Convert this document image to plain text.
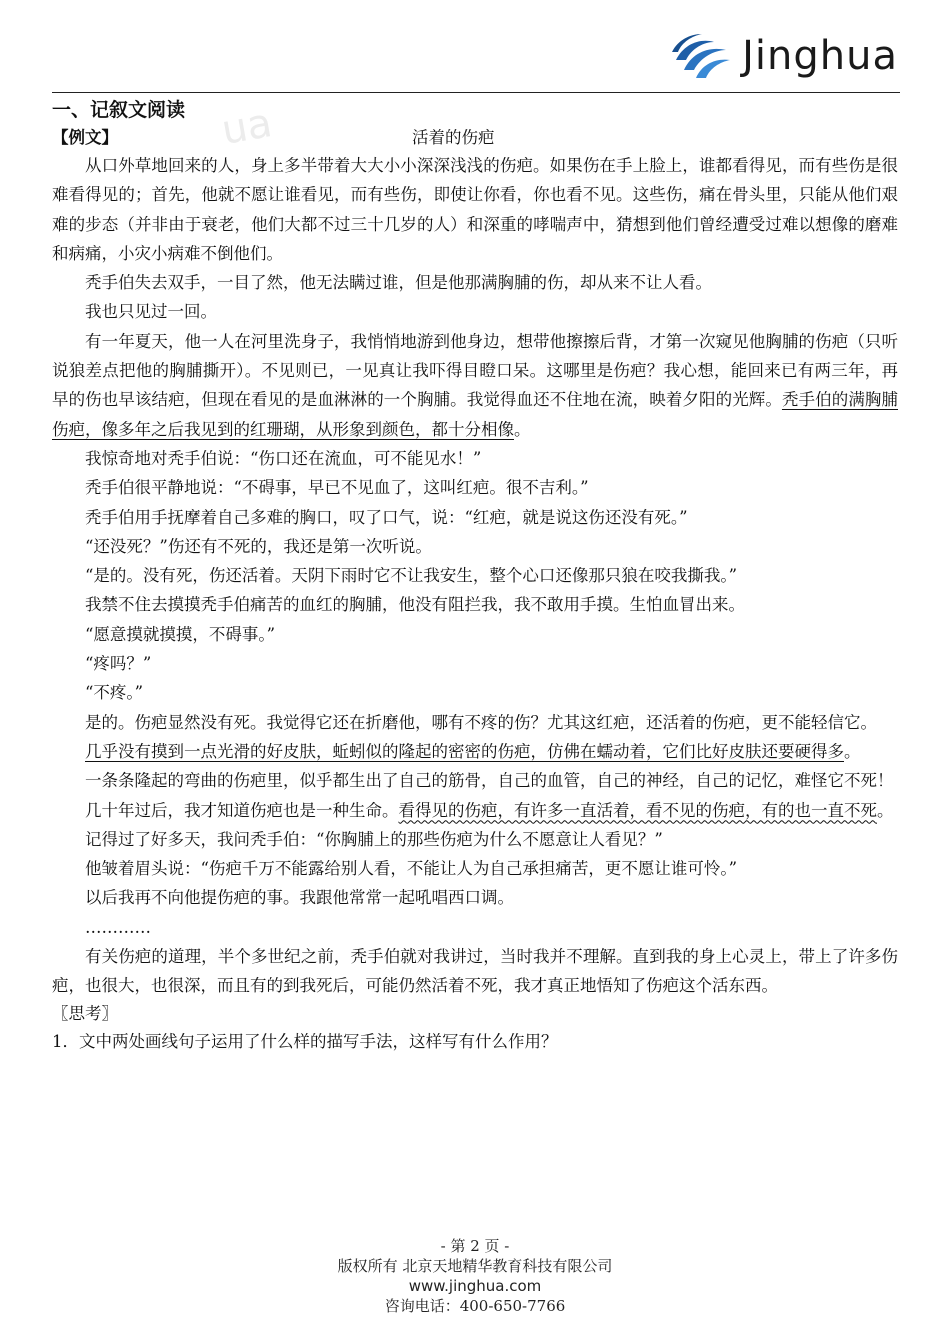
Jinghua
一、记叙文阅读
【例文】	ua	活着的伤疤

从口外草地回来的人，身上多半带着大大小小深深浅浅的伤疤。如果伤在手上脸上，谁都看得见，而有些伤是很难看得见的；首先，他就不愿让谁看见，而有些伤，即使让你看，你也看不见。这些伤，痛在骨头里，只能从他们艰难的步态（并非由于衰老，他们大都不过三十几岁的人）和深重的哮喘声中，猜想到他们曾经遭受过难以想像的磨难和病痛，小灾小病难不倒他们。

秃手伯失去双手，一目了然，他无法瞒过谁，但是他那满胸脯的伤，却从来不让人看。

我也只见过一回。

有一年夏天，他一人在河里洗身子，我悄悄地游到他身边，想带他擦擦后背，才第一次窥见他胸脯的伤疤（只听说狼差点把他的胸脯撕开）。不见则已，一见真让我吓得目瞪口呆。这哪里是伤疤？我心想，能回来已有两三年，再早的伤也早该结疤，但现在看见的是血淋淋的一个胸脯。我觉得血还不住地在流，映着夕阳的光辉。秃手伯的满胸脯伤疤，像多年之后我见到的红珊瑚，从形象到颜色，都十分相像。

我惊奇地对秃手伯说：“伤口还在流血，可不能见水！”

秃手伯很平静地说：“不碍事，早已不见血了，这叫红疤。很不吉利。”

秃手伯用手抚摩着自己多难的胸口，叹了口气，说：“红疤，就是说这伤还没有死。”

“还没死？”伤还有不死的，我还是第一次听说。

“是的。没有死，伤还活着。天阴下雨时它不让我安生，整个心口还像那只狼在咬我撕我。”

我禁不住去摸摸秃手伯痛苦的血红的胸脯，他没有阻拦我，我不敢用手摸。生怕血冒出来。

“愿意摸就摸摸，不碍事。”

“疼吗？”

“不疼。”

是的。伤疤显然没有死。我觉得它还在折磨他，哪有不疼的伤？尤其这红疤，还活着的伤疤，更不能轻信它。

几乎没有摸到一点光滑的好皮肤，蚯蚓似的隆起的密密的伤疤，仿佛在蠕动着，它们比好皮肤还要硬得多。

一条条隆起的弯曲的伤疤里，似乎都生出了自己的筋骨，自己的血管，自己的神经，自己的记忆，难怪它不死！

几十年过后，我才知道伤疤也是一种生命。看得见的伤疤，有许多一直活着，看不见的伤疤，有的也一直不死。

记得过了好多天，我问秃手伯：“你胸脯上的那些伤疤为什么不愿意让人看见？”

他皱着眉头说：“伤疤千万不能露给别人看，不能让人为自己承担痛苦，更不愿让谁可怜。”

以后我再不向他提伤疤的事。我跟他常常一起吼唱西口调。

…………

有关伤疤的道理，半个多世纪之前，秃手伯就对我讲过，当时我并不理解。直到我的身上心灵上，带上了许多伤疤，也很大，也很深，而且有的到我死后，可能仍然活着不死，我才真正地悟知了伤疤这个活东西。

〖思考〗

1．文中两处画线句子运用了什么样的描写手法，这样写有什么作用？

- 第 2 页 -
版权所有 北京天地精华教育科技有限公司
www.jinghua.com
咨询电话：400-650-7766
